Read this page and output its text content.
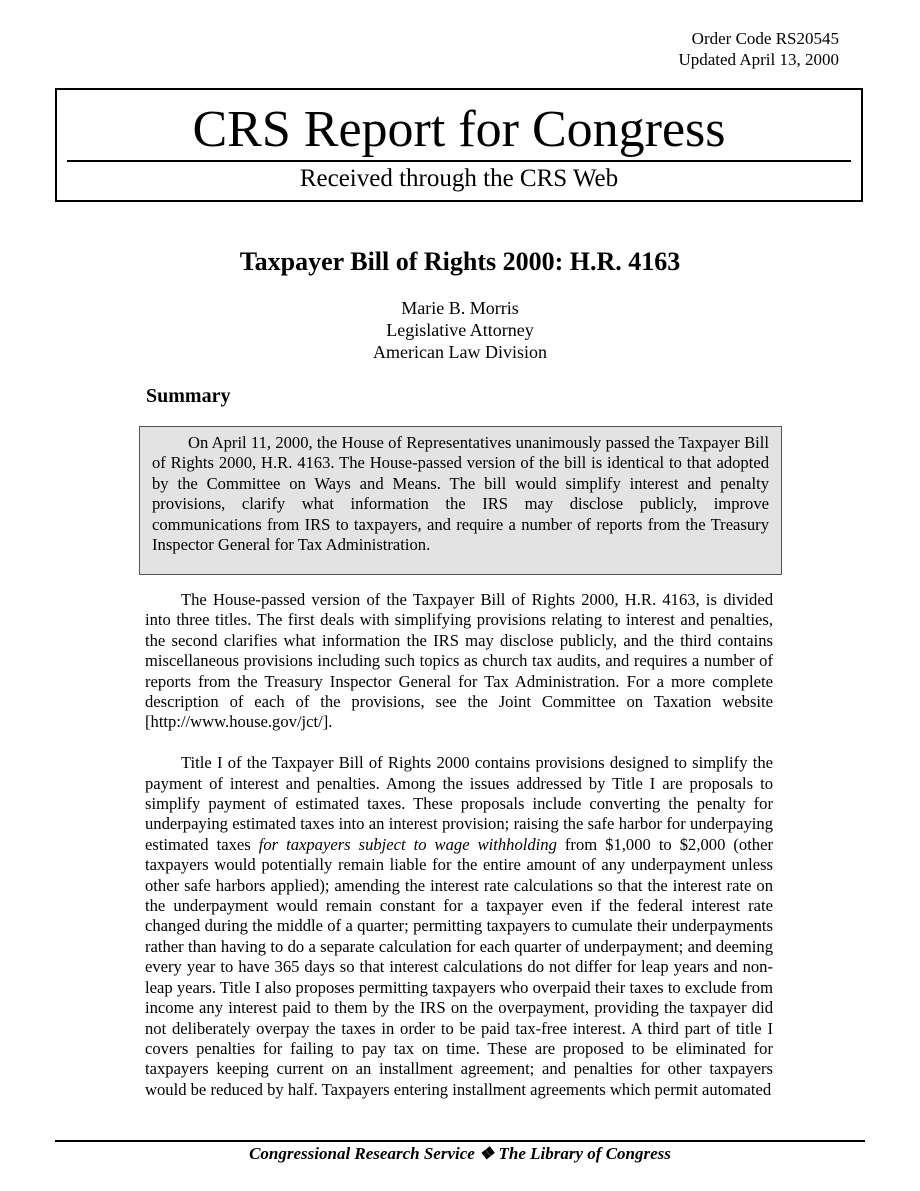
Order Code RS20545
Updated April 13, 2000
CRS Report for Congress
Received through the CRS Web
Taxpayer Bill of Rights 2000: H.R. 4163
Marie B. Morris
Legislative Attorney
American Law Division
Summary

On April 11, 2000, the House of Representatives unanimously passed the Taxpayer Bill of Rights 2000, H.R. 4163. The House-passed version of the bill is identical to that adopted by the Committee on Ways and Means. The bill would simplify interest and penalty provisions, clarify what information the IRS may disclose publicly, improve communications from IRS to taxpayers, and require a number of reports from the Treasury Inspector General for Tax Administration.

The House-passed version of the Taxpayer Bill of Rights 2000, H.R. 4163, is divided into three titles. The first deals with simplifying provisions relating to interest and penalties, the second clarifies what information the IRS may disclose publicly, and the third contains miscellaneous provisions including such topics as church tax audits, and requires a number of reports from the Treasury Inspector General for Tax Administration. For a more complete description of each of the provisions, see the Joint Committee on Taxation website [http://www.house.gov/jct/].

Title I of the Taxpayer Bill of Rights 2000 contains provisions designed to simplify the payment of interest and penalties. Among the issues addressed by Title I are proposals to simplify payment of estimated taxes. These proposals include converting the penalty for underpaying estimated taxes into an interest provision; raising the safe harbor for underpaying estimated taxes for taxpayers subject to wage withholding from $1,000 to $2,000 (other taxpayers would potentially remain liable for the entire amount of any underpayment unless other safe harbors applied); amending the interest rate calculations so that the interest rate on the underpayment would remain constant for a taxpayer even if the federal interest rate changed during the middle of a quarter; permitting taxpayers to cumulate their underpayments rather than having to do a separate calculation for each quarter of underpayment; and deeming every year to have 365 days so that interest calculations do not differ for leap years and non-leap years. Title I also proposes permitting taxpayers who overpaid their taxes to exclude from income any interest paid to them by the IRS on the overpayment, providing the taxpayer did not deliberately overpay the taxes in order to be paid tax-free interest. A third part of title I covers penalties for failing to pay tax on time. These are proposed to be eliminated for taxpayers keeping current on an installment agreement; and penalties for other taxpayers would be reduced by half. Taxpayers entering installment agreements which permit automated

Congressional Research Service ❖ The Library of Congress
